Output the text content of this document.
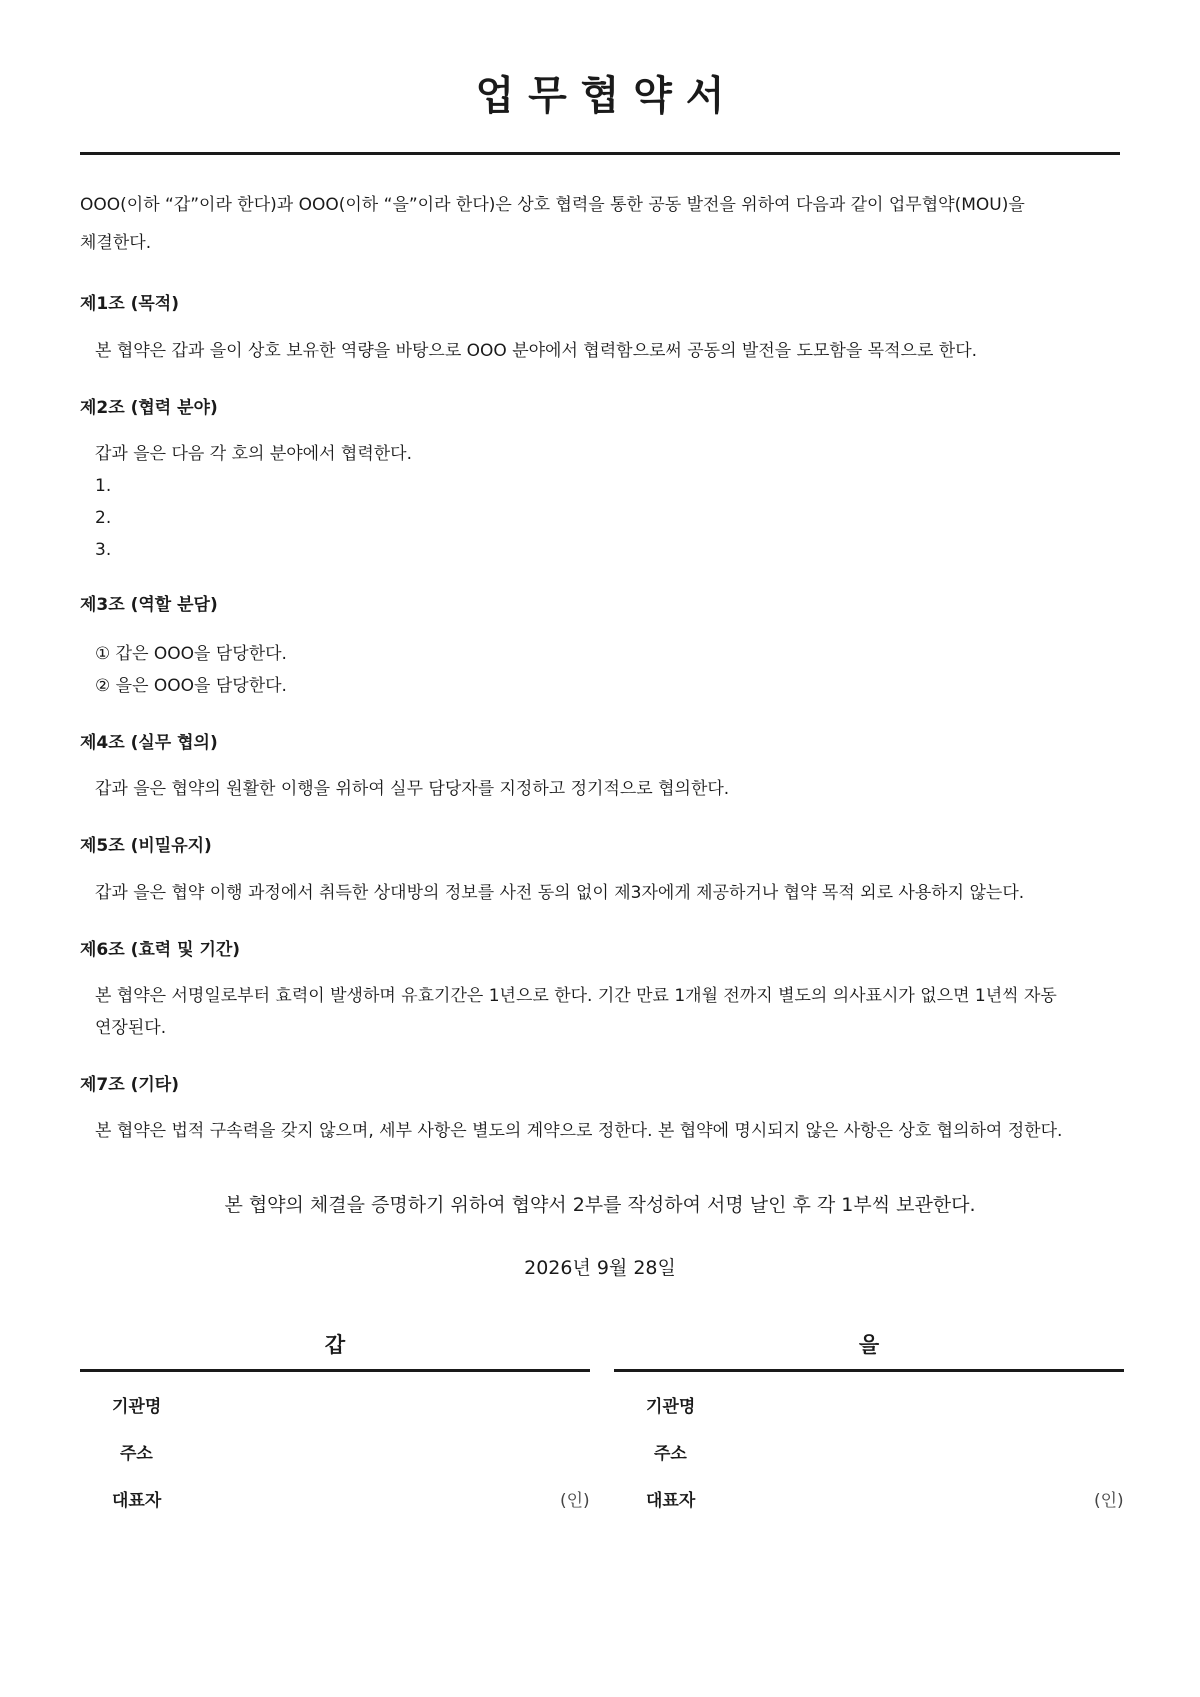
업 무 협 약 서
OOO(이하 “갑”이라 한다)과 OOO(이하 “을”이라 한다)은 상호 협력을 통한 공동 발전을 위하여 다음과 같이 업무협약(MOU)을
체결한다.
제1조 (목적)
본 협약은 갑과 을이 상호 보유한 역량을 바탕으로 OOO 분야에서 협력함으로써 공동의 발전을 도모함을 목적으로 한다.
제2조 (협력 분야)
갑과 을은 다음 각 호의 분야에서 협력한다.
1.
2.
3.
제3조 (역할 분담)
① 갑은 OOO을 담당한다.
② 을은 OOO을 담당한다.
제4조 (실무 협의)
갑과 을은 협약의 원활한 이행을 위하여 실무 담당자를 지정하고 정기적으로 협의한다.
제5조 (비밀유지)
갑과 을은 협약 이행 과정에서 취득한 상대방의 정보를 사전 동의 없이 제3자에게 제공하거나 협약 목적 외로 사용하지 않는다.
제6조 (효력 및 기간)
본 협약은 서명일로부터 효력이 발생하며 유효기간은 1년으로 한다. 기간 만료 1개월 전까지 별도의 의사표시가 없으면 1년씩 자동
연장된다.
제7조 (기타)
본 협약은 법적 구속력을 갖지 않으며, 세부 사항은 별도의 계약으로 정한다. 본 협약에 명시되지 않은 사항은 상호 협의하여 정한다.
본 협약의 체결을 증명하기 위하여 협약서 2부를 작성하여 서명 날인 후 각 1부씩 보관한다.
2026년 9월 28일
갑
기관명
주소
대표자	(인)
을
기관명
주소
대표자	(인)
